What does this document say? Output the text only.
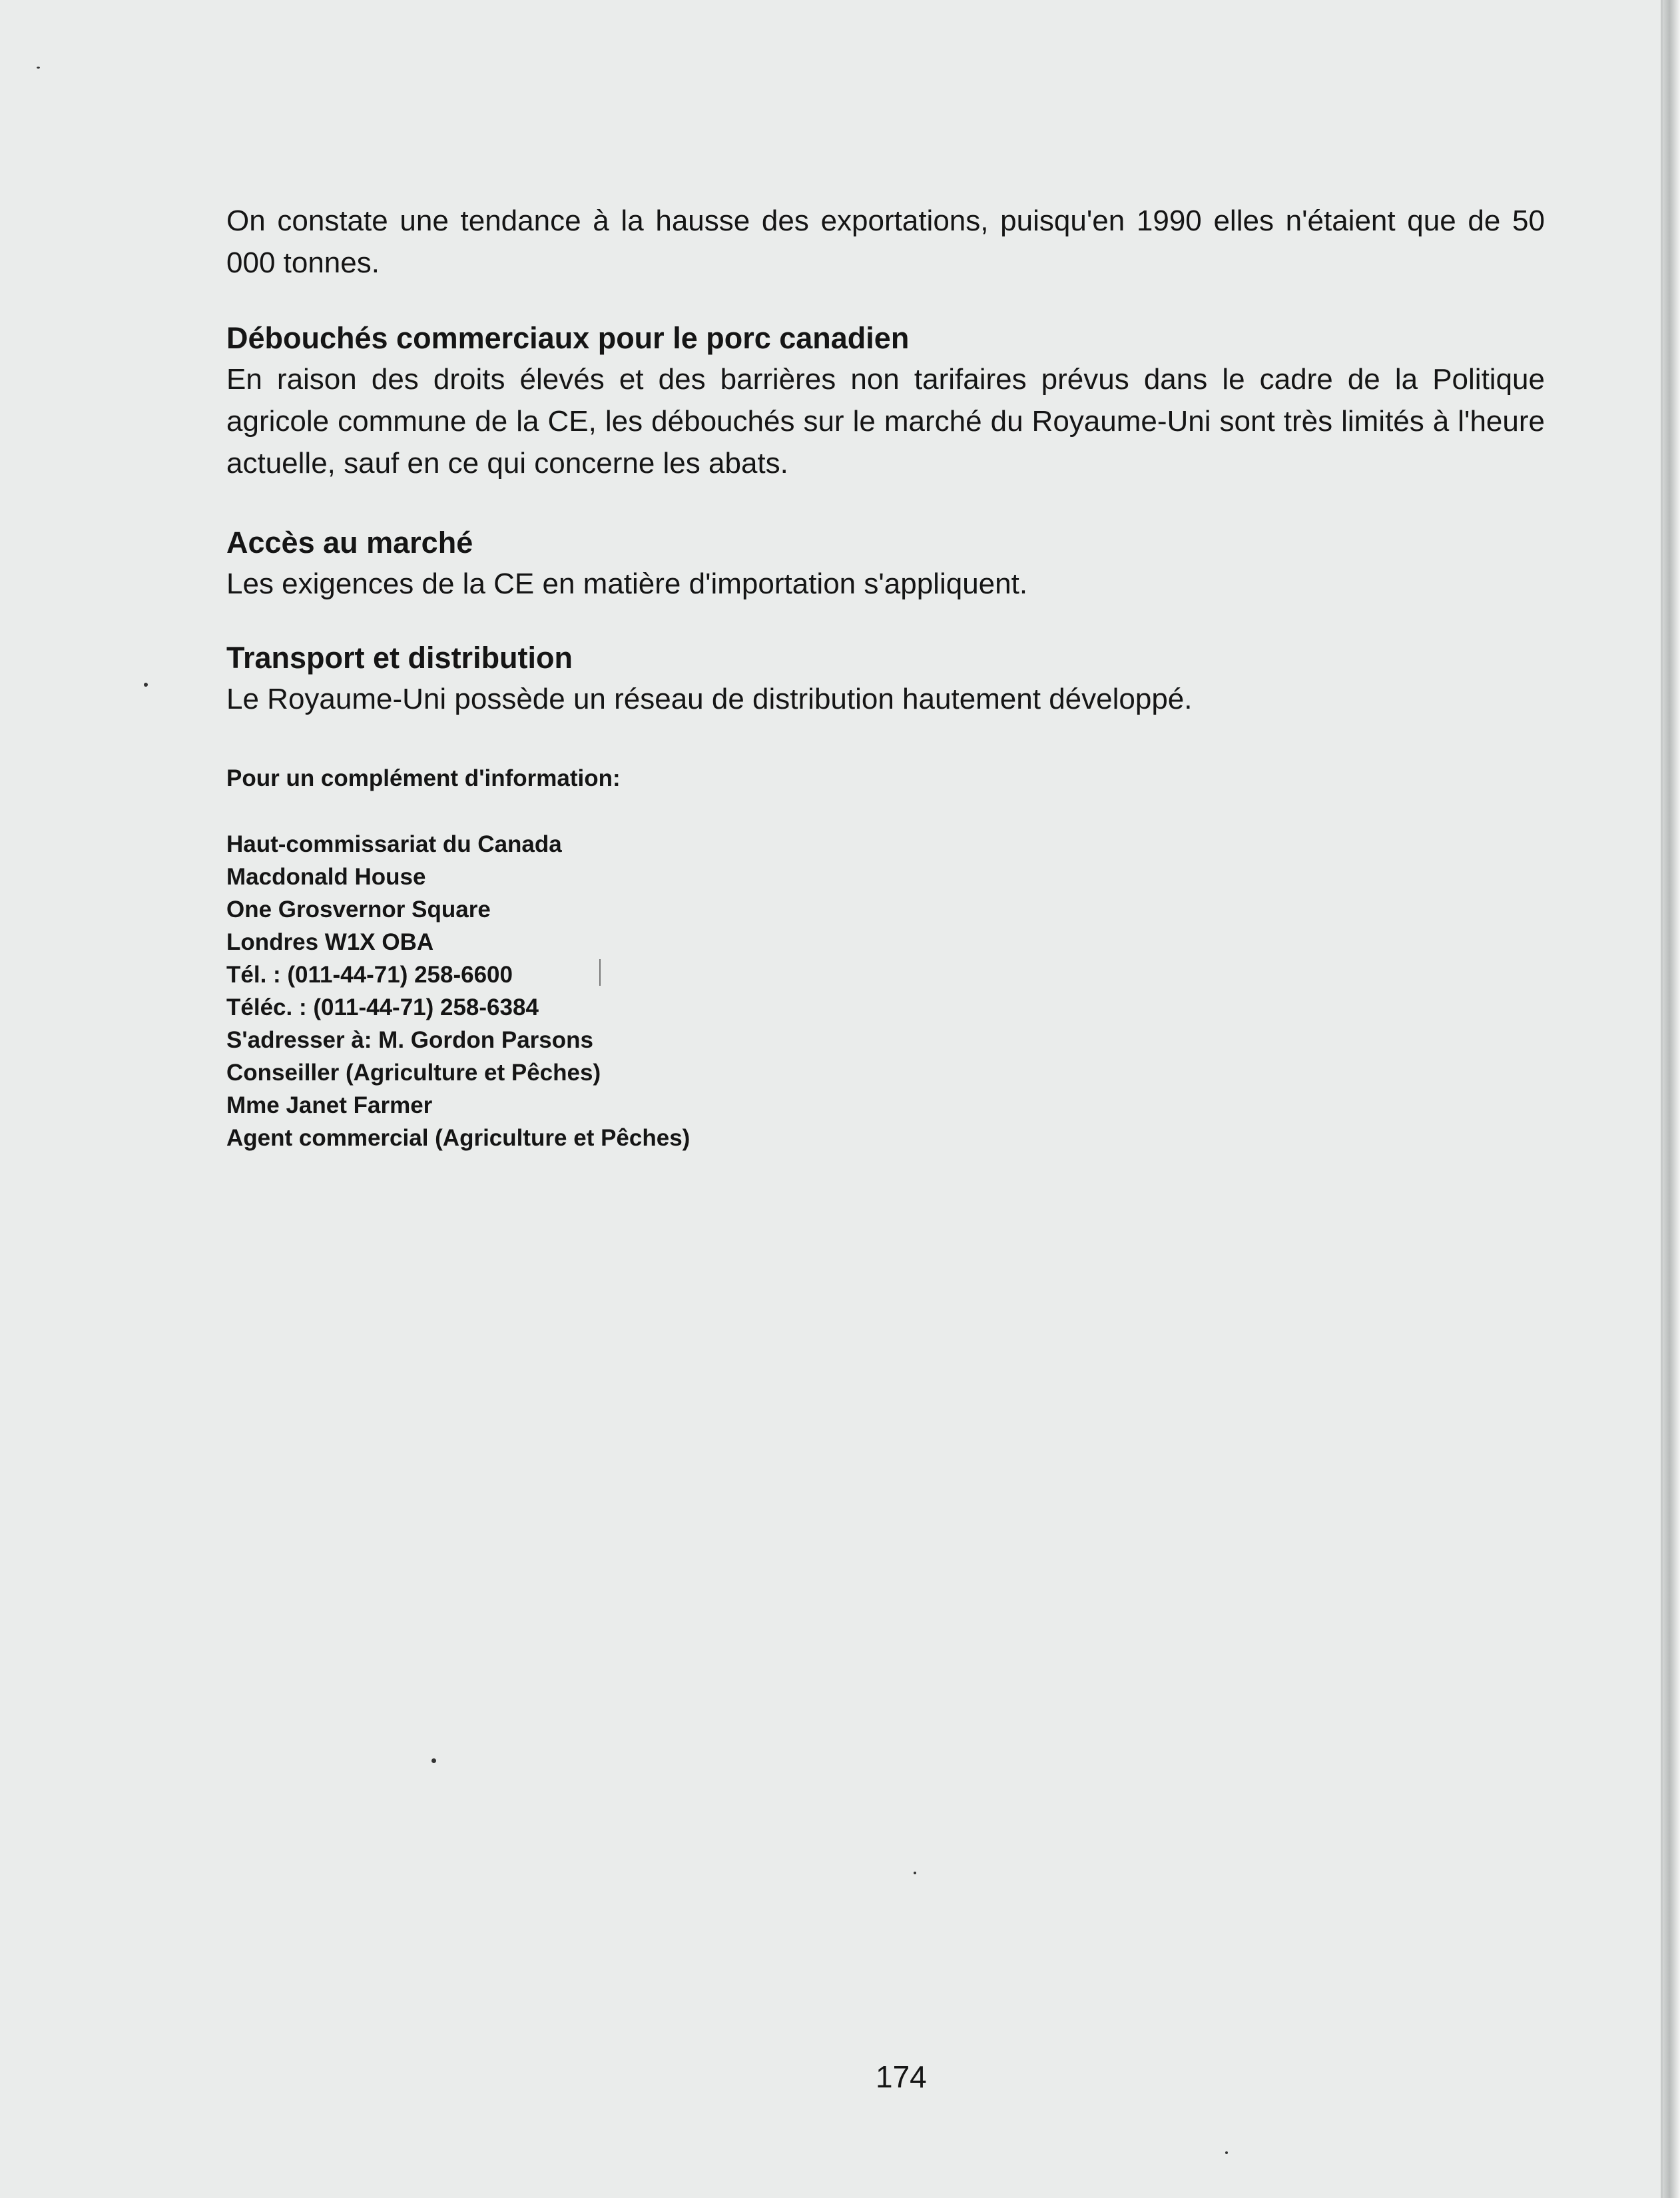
On constate une tendance à la hausse des exportations, puisqu'en 1990 elles n'étaient que de 50 000 tonnes.

Débouchés commerciaux pour le porc canadien

En raison des droits élevés et des barrières non tarifaires prévus dans le cadre de la Politique agricole commune de la CE, les débouchés sur le marché du Royaume-Uni sont très limités à l'heure actuelle, sauf en ce qui concerne les abats.

Accès au marché

Les exigences de la CE en matière d'importation s'appliquent.

Transport et distribution

Le Royaume-Uni possède un réseau de distribution hautement développé.

Pour un complément d'information:

Haut-commissariat du Canada
Macdonald House
One Grosvernor Square
Londres W1X OBA
Tél. : (011-44-71) 258-6600
Téléc. : (011-44-71) 258-6384
S'adresser à: M. Gordon Parsons
Conseiller (Agriculture et Pêches)
Mme Janet Farmer
Agent commercial (Agriculture et Pêches)
174
